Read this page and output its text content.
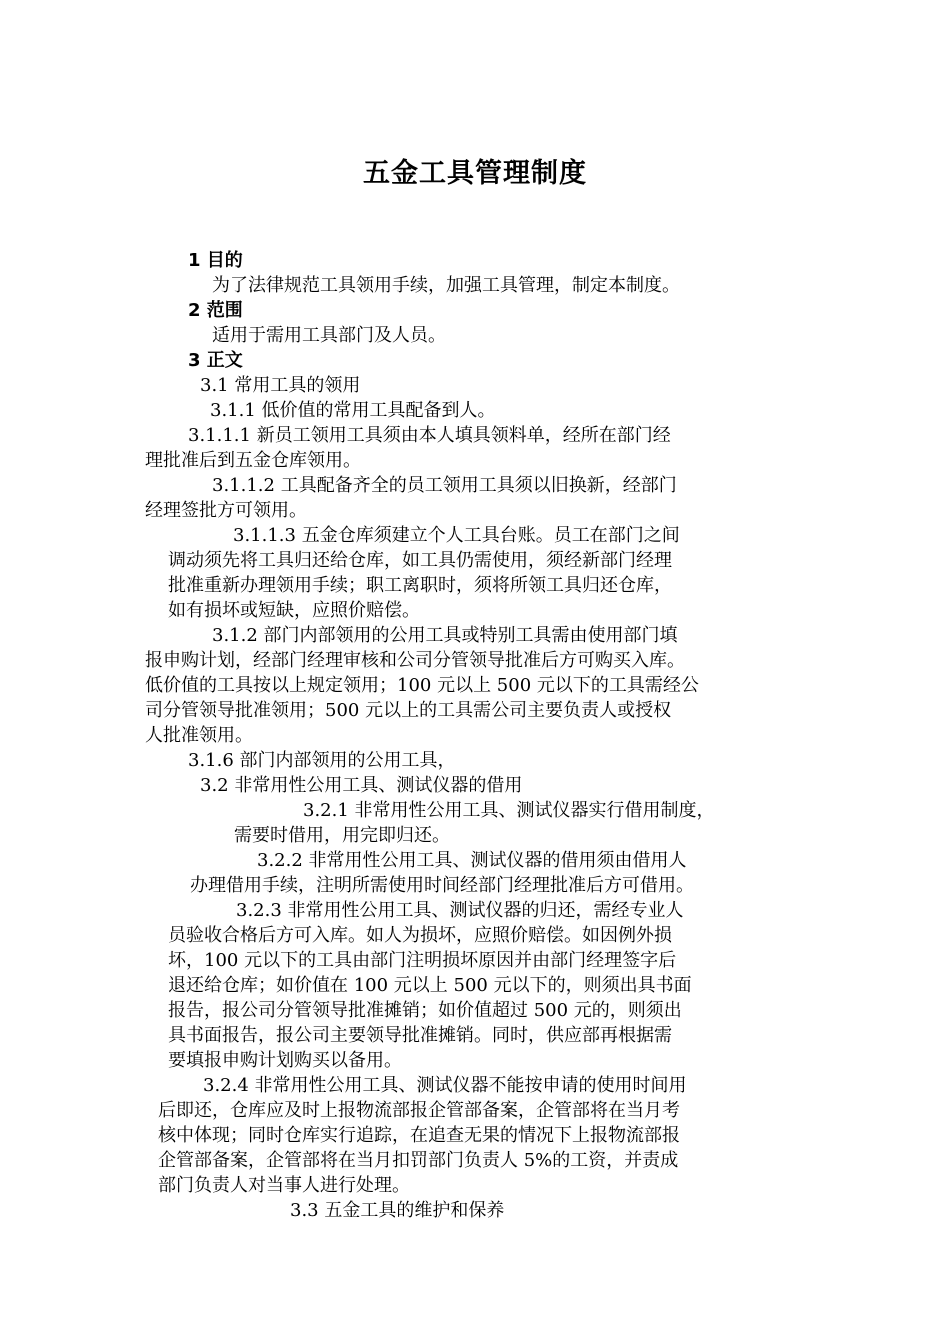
五金工具管理制度
1 目的
为了法律规范工具领用手续，加强工具管理，制定本制度。
2 范围
适用于需用工具部门及人员。
3 正文
3.1 常用工具的领用
3.1.1 低价值的常用工具配备到人。
3.1.1.1 新员工领用工具须由本人填具领料单，经所在部门经
理批准后到五金仓库领用。
3.1.1.2 工具配备齐全的员工领用工具须以旧换新，经部门
经理签批方可领用。
3.1.1.3 五金仓库须建立个人工具台账。员工在部门之间
调动须先将工具归还给仓库，如工具仍需使用，须经新部门经理
批准重新办理领用手续；职工离职时，须将所领工具归还仓库，
如有损坏或短缺，应照价赔偿。
3.1.2 部门内部领用的公用工具或特别工具需由使用部门填
报申购计划，经部门经理审核和公司分管领导批准后方可购买入库。
低价值的工具按以上规定领用；100 元以上 500 元以下的工具需经公
司分管领导批准领用；500 元以上的工具需公司主要负责人或授权
人批准领用。
3.1.6 部门内部领用的公用工具，
3.2 非常用性公用工具、测试仪器的借用
3.2.1 非常用性公用工具、测试仪器实行借用制度，
需要时借用，用完即归还。
3.2.2 非常用性公用工具、测试仪器的借用须由借用人
办理借用手续，注明所需使用时间经部门经理批准后方可借用。
3.2.3 非常用性公用工具、测试仪器的归还，需经专业人
员验收合格后方可入库。如人为损坏，应照价赔偿。如因例外损
坏，100 元以下的工具由部门注明损坏原因并由部门经理签字后
退还给仓库；如价值在 100 元以上 500 元以下的，则须出具书面
报告，报公司分管领导批准摊销；如价值超过 500 元的，则须出
具书面报告，报公司主要领导批准摊销。同时，供应部再根据需
要填报申购计划购买以备用。
3.2.4 非常用性公用工具、测试仪器不能按申请的使用时间用
后即还，仓库应及时上报物流部报企管部备案，企管部将在当月考
核中体现；同时仓库实行追踪，在追查无果的情况下上报物流部报
企管部备案，企管部将在当月扣罚部门负责人 5%的工资，并责成
部门负责人对当事人进行处理。
3.3 五金工具的维护和保养
